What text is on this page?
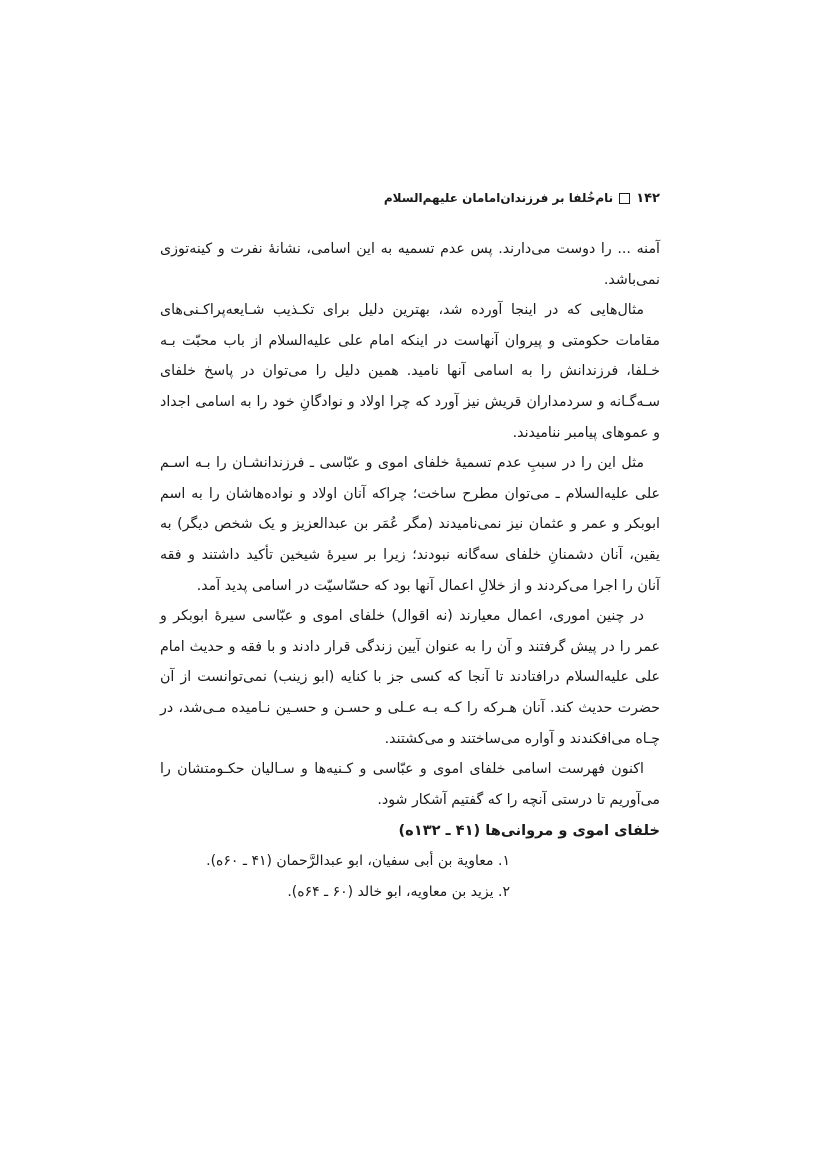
۱۴۲
نام‌خُلفا بر فرزندان‌امامان عليهم‌السلام

آمنه ... را دوست می‌دارند. پس عدم تسمیه به این اسامی، نشانهٔ نفرت و کینه‌توزی نمی‌باشد.

مثال‌هایی که در اینجا آورده شد، بهترین دلیل برای تکـذیب شـایعه‌پراکـنی‌های مقامات حکومتی و پیروان آنهاست در اینکه امام علی علیه‌السلام از باب محبّت بـه خـلفا، فرزندانش را به اسامی آنها نامید. همین دلیل را می‌توان در پاسخ خلفای سـه‌گـانه و سردمداران قریش نیز آورد که چرا اولاد و نوادگانِ خود را به اسامی اجداد و عموهای پیامبر ننامیدند.

مثل این را در سببِ عدم تسمیهٔ خلفای اموی و عبّاسی ـ فرزندانشـان را بـه اسـم علی علیه‌السلام ـ می‌توان مطرح ساخت؛ چراکه آنان اولاد و نواده‌هاشان را به اسم ابوبکر و عمر و عثمان نیز نمی‌نامیدند (مگر عُمَر بن عبدالعزیز و یک شخص دیگر) به یقین، آنان دشمنانِ خلفای سه‌گانه نبودند؛ زیرا بر سیرهٔ شیخین تأکید داشتند و فقه آنان را اجرا می‌کردند و از خلالِ اعمال آنها بود که حسّاسیّت در اسامی پدید آمد.

در چنین اموری، اعمال معیارند (نه اقوال) خلفای اموی و عبّاسی سیرهٔ ابوبکر و عمر را در پیش گرفتند و آن را به عنوان آیین زندگی قرار دادند و با فقه و حدیث امام علی علیه‌السلام درافتادند تا آنجا که کسی جز با کنایه (ابو زینب) نمی‌توانست از آن حضرت حدیث کند. آنان هـرکه را کـه بـه عـلی و حسـن و حسـین نـامیده مـی‌شد، در چـاه می‌افکندند و آواره می‌ساختند و می‌کشتند.

اکنون فهرست اسامی خلفای اموی و عبّاسی و کـنیه‌ها و سـالیان حکـومتشان را می‌آوریم تا درستی آنچه را که گفتیم آشکار شود.

خلفای اموی و مروانی‌ها (۴۱ ـ ۱۳۲ه)

۱. معاویة بن أبی سفیان، ابو عبدالرَّحمان (۴۱ ـ ۶۰ه).
۲. یزید بن معاویه، ابو خالد (۶۰ ـ ۶۴ه).
